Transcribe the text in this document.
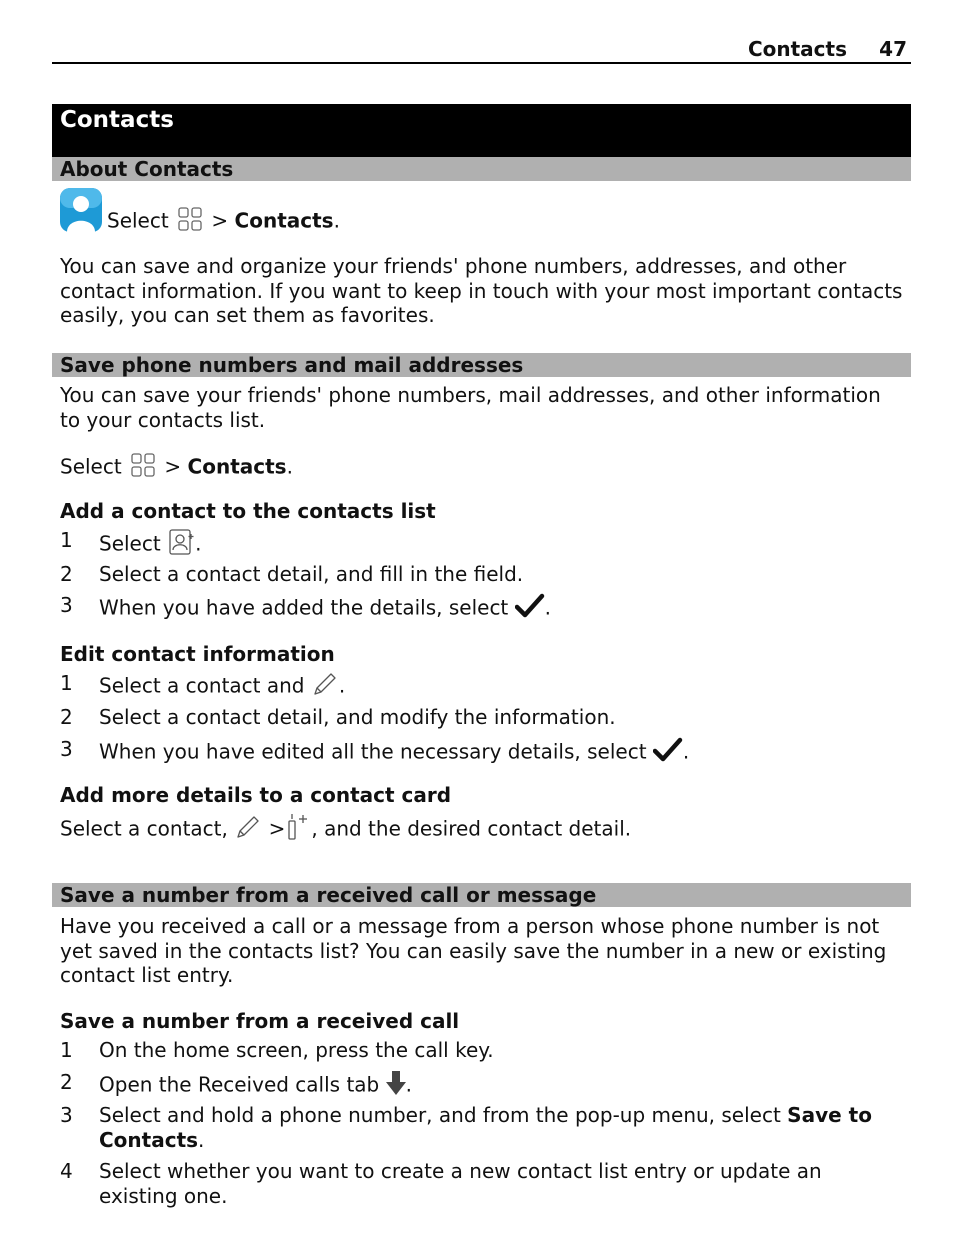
Contacts 47
Contacts
About Contacts
Select > Contacts.

You can save and organize your friends' phone numbers, addresses, and other contact information. If you want to keep in touch with your most important contacts easily, you can set them as favorites.

Save phone numbers and mail addresses

You can save your friends' phone numbers, mail addresses, and other information to your contacts list.

Select > Contacts.
Add a contact to the contacts list
1 Select .
2 Select a contact detail, and fill in the field.
3 When you have added the details, select .
Edit contact information
1 Select a contact and .
2 Select a contact detail, and modify the information.
3 When you have edited all the necessary details, select .
Add more details to a contact card
Select a contact, > , and the desired contact detail.
Save a number from a received call or message

Have you received a call or a message from a person whose phone number is not yet saved in the contacts list? You can easily save the number in a new or existing contact list entry.

Save a number from a received call
1 On the home screen, press the call key.
2 Open the Received calls tab .
3 Select and hold a phone number, and from the pop-up menu, select Save to Contacts.
4 Select whether you want to create a new contact list entry or update an existing one.
